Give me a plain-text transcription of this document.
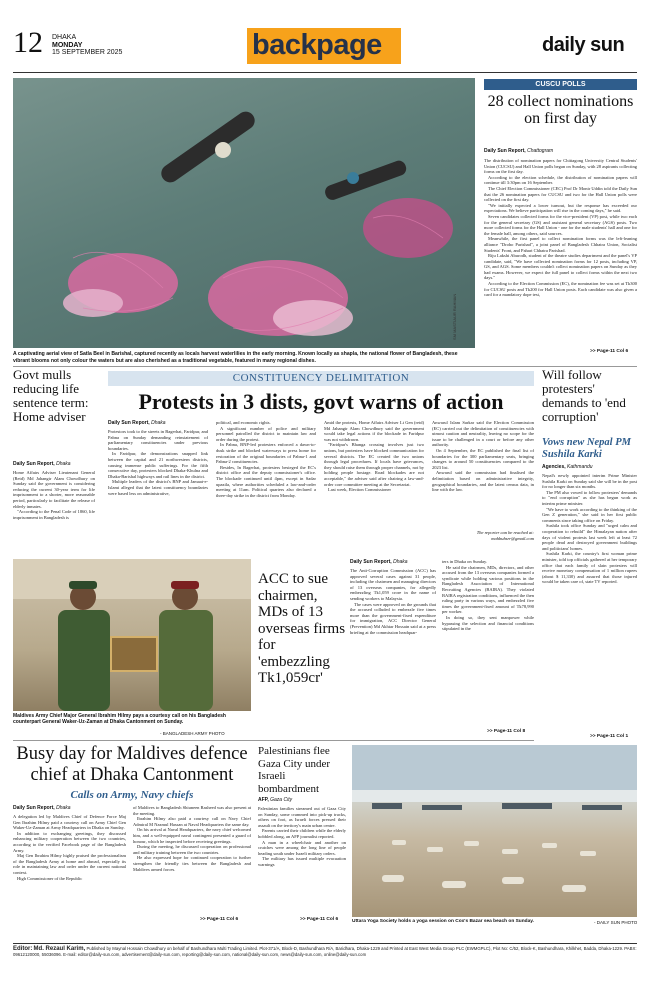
12 DHAKA
MONDAY
15 SEPTEMBER 2025	backpage	daily sun
SM MASTIAUR RAHMAN
A captivating aerial view of Satla Beel in Barishal, captured recently as locals harvest waterlilies in the early morning. Known locally as shapla, the national flower of Bangladesh, these vibrant blooms not only colour the waters but are also cherished as a traditional vegetable, featured in many regional dishes.
CUSCU POLLS
28 collect nominations on first day
Daily Sun Report, Chattogram

The distribution of nomination papers for Chittagong University Central Students' Union (CUCSU) and Hall Union polls began on Sunday, with 28 aspirants collecting forms on the first day.

According to the election schedule, the distribution of nomination papers will continue till 3:30pm on 16 September.

The Chief Election Commissioner (CEC) Prof Dr Monir Uddin told the Daily Sun that the 26 nomination papers for CUCSU and two for the Hall Union polls were collected on the first day.

"We initially expected a lower turnout, but the response has exceeded our expectations. We believe participation will rise in the coming days," he said.

Seven candidates collected forms for the vice-president (VP) post, while two each for the general secretary (GS) and assistant general secretary (AGS) posts. Two more collected forms for the Hall Union - one for the male students' hall and one for the female hall, among others, said sources.

Meanwhile, the first panel to collect nomination forms was the left-leaning alliance "Droho Parishad", a joint panel of Bangladesh Chhatra Union, Socialist Students' Front, and Pahari Chhatra Parishad.

Riju Lakshi Aburodh, student of the theatre studies department and the panel's VP candidate, said, "We have collected nomination forms for 12 posts, including VP, GS, and AGS. Some members couldn't collect nomination papers on Sunday as they had exams. However, we expect the full panel to collect forms within the next two days."

According to the Election Commission (EC), the nomination fee was set at Tk300 for CUCSU posts and Tk200 for Hall Union posts. Each candidate was also given a card for a mandatory dope test,

>> Page-11 Col 6
Govt mulls reducing life sentence term: Home adviser
Daily Sun Report, Dhaka

Home Affairs Adviser Lieutenant General (Retd) Md Jahangir Alam Chowdhury on Sunday said the government is considering reducing the current 30-year term for life imprisonment to a shorter, more reasonable period, particularly to facilitate the release of elderly inmates.

"According to the Penal Code of 1860, life imprisonment in Bangladesh is

CONSTITUENCY DELIMITATION
Protests in 3 dists, govt warns of action
Daily Sun Report, Dhaka

Protestors took to the streets in Bagerhat, Faridpur, and Pabna on Sunday demanding reinstatement of parliamentary constituencies under previous boundaries.

In Faridpur, the demonstrations snapped link between the capital and 21 northwestern districts, causing immense public sufferings. For the fifth consecutive day, protesters blocked Dhaka-Khulna and Dhaka-Barishal highways and rail lines in the district.

Multiple leaders of the district's BNP and Jamaat-e-Islami alleged that the latest constituency boundaries were based less on administrative,

political, and economic rights.

A significant number of police and military personnel patrolled the district to maintain law and order during the protest.

In Pabna, BNP-led protesters enforced a dawn-to-dusk strike and blocked waterways to press home for restoration of the original boundaries of Pabna-1 and Pabna-2 constituencies.

Besides, In Bagerhat, protesters besieged the EC's district office and the deputy commissioner's office. The blockade continued until 4pm, except in Sadar upazila, where authorities scheduled a law-and-order meeting at 11am. Political quarters also declared a three-day strike in the district from Monday.

Amid the protests, Home Affairs Adviser Lt Gen (retd) Md Jahangir Alam Chowdhury said the government would take legal actions if the blockade in Faridpur was not withdrawn.

"Faridpur's Bhanga crossing involves just two unions, but protesters have blocked communication for several districts. The EC created the two unions through legal procedures. If locals have grievances, they should raise them through proper channels, not by holding people hostage. Road blockades are not acceptable," the adviser said after chairing a law-and-order core committee meeting at the Secretariat.

Last week, Election Commissioner

Anwarul Islam Sarkar said the Election Commission (EC) carried out the delimitation of constituencies with utmost caution and neutrality, leaving no scope for the issue to be challenged in a court or before any other authority.

On 4 September, the EC published the final list of boundaries for the 300 parliamentary seats, bringing changes to around 50 constituencies compared to the 2023 list.

Anwarul said the commission had finalised the delimitation based on administrative integrity, geographical boundaries, and the latest census data, in line with the law.

The reporter can be reached at:
mahbubsrr@gmail.com
Will follow protesters' demands to 'end corruption'
Vows new Nepal PM Sushila Karki
Agencies, Kathmandu

Nepal's newly appointed interim Prime Minister Sushila Karki on Sunday said she will be in the post for no longer than six months.

The PM also vowed to follow protesters' demands to "end corruption" as she has begun work as interim prime minister.

"We have to work according to the thinking of the Gen Z generation," she said in her first public comments since taking office on Friday.

Sushila took office Sunday and "urged calm and cooperation to rebuild" the Himalayan nation after days of violent protests last week left at least 72 people dead and destroyed government buildings and politicians' homes.

Sushila Karki, the country's first woman prime minister, told top officials gathered at her temporary office that each family of slain protesters will receive monetary compensation of 1 million rupees (about $ 11,330) and assured that those injured would be taken care of, state TV reported.

>> Page-11 Col 1
Maldives Army Chief Major General Ibrahim Hilmy pays a courtesy call on his Bangladesh counterpart General Waker-Uz-Zaman at Dhaka Cantonment on Sunday.
- BANGLADESH ARMY PHOTO
ACC to sue chairmen, MDs of 13 overseas firms for 'embezzling Tk1,059cr'
Daily Sun Report, Dhaka

The Anti-Corruption Commission (ACC) has approved several cases against 31 people, including the chairmen and managing directors of 13 overseas companies, for allegedly embezzling Tk1,059 crore in the name of sending workers to Malaysia.

The cases were approved on the grounds that the accused colluded to embezzle five times more than the government-fixed expenditure for immigration, ACC Director General (Prevention) Md Akhtar Hossain said at a press briefing at the commission headquar-

ters in Dhaka on Sunday.

He said the chairmen, MDs, directors, and other accused from the 13 overseas companies formed a syndicate while holding various positions in the Bangladesh Association of International Recruiting Agencies (BAIRA). They violated BAIRA registration conditions, influenced the then ruling party in various ways, and embezzled five times the government-fixed amount of Tk78,990 per worker.

In doing so, they sent manpower while bypassing the selection and financial conditions stipulated in the

>> Page-11 Col 8
Busy day for Maldives defence chief at Dhaka Cantonment
Calls on Army, Navy chiefs
Daily Sun Report, Dhaka

A delegation led by Maldives Chief of Defence Force Maj Gen Ibrahim Hilmy paid a courtesy call on Army Chief Gen Waker-Uz-Zaman at Army Headquarters in Dhaka on Sunday.

In addition to exchanging greetings, they discussed enhancing military cooperation between the two countries, according to the verified Facebook page of the Bangladesh Army.

Maj Gen Ibrahim Hilmy highly praised the professionalism of the Bangladesh Army at home and abroad, especially its role in maintaining law and order under the current national context.

High Commissioner of the Republic

of Maldives to Bangladesh Shiuneen Rasheed was also present at the meeting.

Ibrahim Hilmy also paid a courtesy call on Navy Chief Admiral M Nazmul Hassan at Naval Headquarters the same day.

On his arrival at Naval Headquarters, the navy chief welcomed him, and a well-equipped naval contingent presented a guard of honour, which he inspected before receiving greetings.

During the meeting, he discussed cooperation on professional and military training between the two countries.

He also expressed hope for continued cooperation to further strengthen the friendly ties between the Bangladesh and Maldives armed forces.

>> Page-11 Col 6
Palestinians flee Gaza City under Israeli bombardment
AFP, Gaza City

Palestinian families streamed out of Gaza City on Sunday, some crammed into pick-up trucks, others on foot, as Israeli forces pressed their assault on the territory's main urban centre.

Parents carried their children while the elderly hobbled along, an AFP journalist reported.

A man in a wheelchair and another on crutches were among the long line of people heading south under Israeli military orders.

The military has issued multiple evacuation warnings

>> Page-11 Col 6	Uttara Yoga Society holds a yoga session on Cox's Bazar sea beach on Sunday.	- DAILY SUN PHOTO
Editor: Md. Rezaul Karim, Published by Maynal Hossain Chowdhury on behalf of Bashundhara Multi Trading Limited. Plot-371/A, Block-D, Bashundhara R/A, Baridhara, Dhaka-1229 and Printed at East West Media Group PLC (EWMGPLC), Plot No: C/52, Block-K, Bashundhara, Khilkhet, Badda, Dhaka-1229. PABX: 09612120000, 55036096. E-mail: editor@daily-sun.com, advertisement@daily-sun.com, reporting@daily-sun.com, national@daily-sun.com, news@daily-sun.com, online@daily-sun.com
